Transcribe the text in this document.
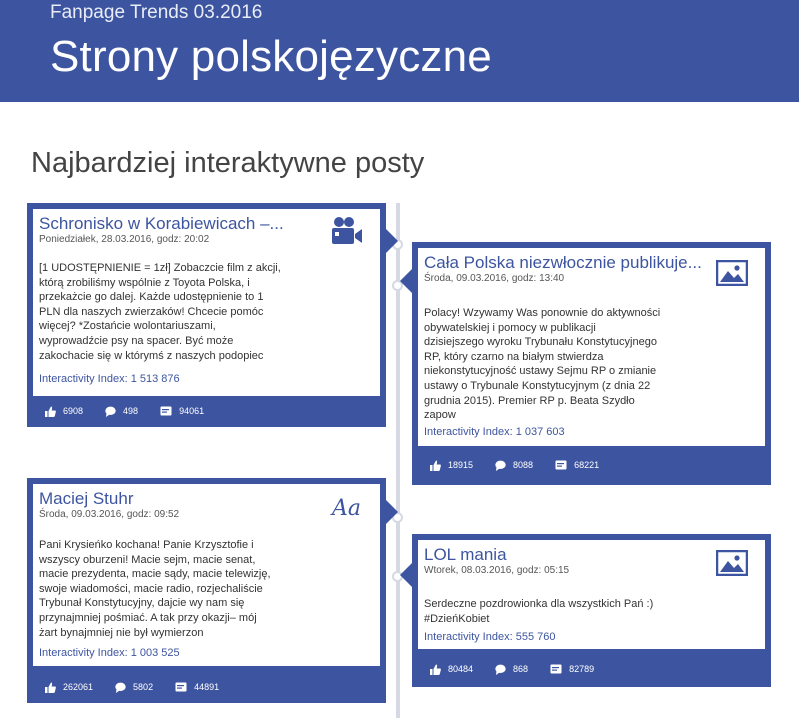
Fanpage Trends 03.2016
Strony polskojęzyczne
Najbardziej interaktywne posty
Schronisko w Korabiewicach –...
Poniedziałek, 28.03.2016, godz: 20:02
[1 UDOSTĘPNIENIE = 1zł] Zobaczcie film z akcji,
którą zrobiliśmy wspólnie z Toyota Polska, i
przekażcie go dalej. Każde udostępnienie to 1
PLN dla naszych zwierzaków! Chcecie pomóc
więcej? *Zostańcie wolontariuszami,
wyprowadźcie psy na spacer. Być może
zakochacie się w którymś z naszych podopiec
Interactivity Index: 1 513 876
6908	498	94061
Cała Polska niezwłocznie publikuje...
Środa, 09.03.2016, godz: 13:40
Polacy! Wzywamy Was ponownie do aktywności
obywatelskiej i pomocy w publikacji
dzisiejszego wyroku Trybunału Konstytucyjnego
RP, który czarno na białym stwierdza
niekonstytucyjność ustawy Sejmu RP o zmianie
ustawy o Trybunale Konstytucyjnym (z dnia 22
grudnia 2015). Premier RP p. Beata Szydło
zapow
Interactivity Index: 1 037 603
18915	8088	68221
Maciej Stuhr
Środa, 09.03.2016, godz: 09:52	Aa
Pani Krysieńko kochana! Panie Krzysztofie i
wszyscy oburzeni! Macie sejm, macie senat,
macie prezydenta, macie sądy, macie telewizję,
swoje wiadomości, macie radio, rozjechaliście
Trybunał Konstytucyjny, dajcie wy nam się
przynajmniej pośmiać. A tak przy okazji– mój
żart bynajmniej nie był wymierzon
Interactivity Index: 1 003 525
262061	5802	44891
LOL mania
Wtorek, 08.03.2016, godz: 05:15
Serdeczne pozdrowionka dla wszystkich Pań :)
#DzieńKobiet
Interactivity Index: 555 760
80484	868	82789
